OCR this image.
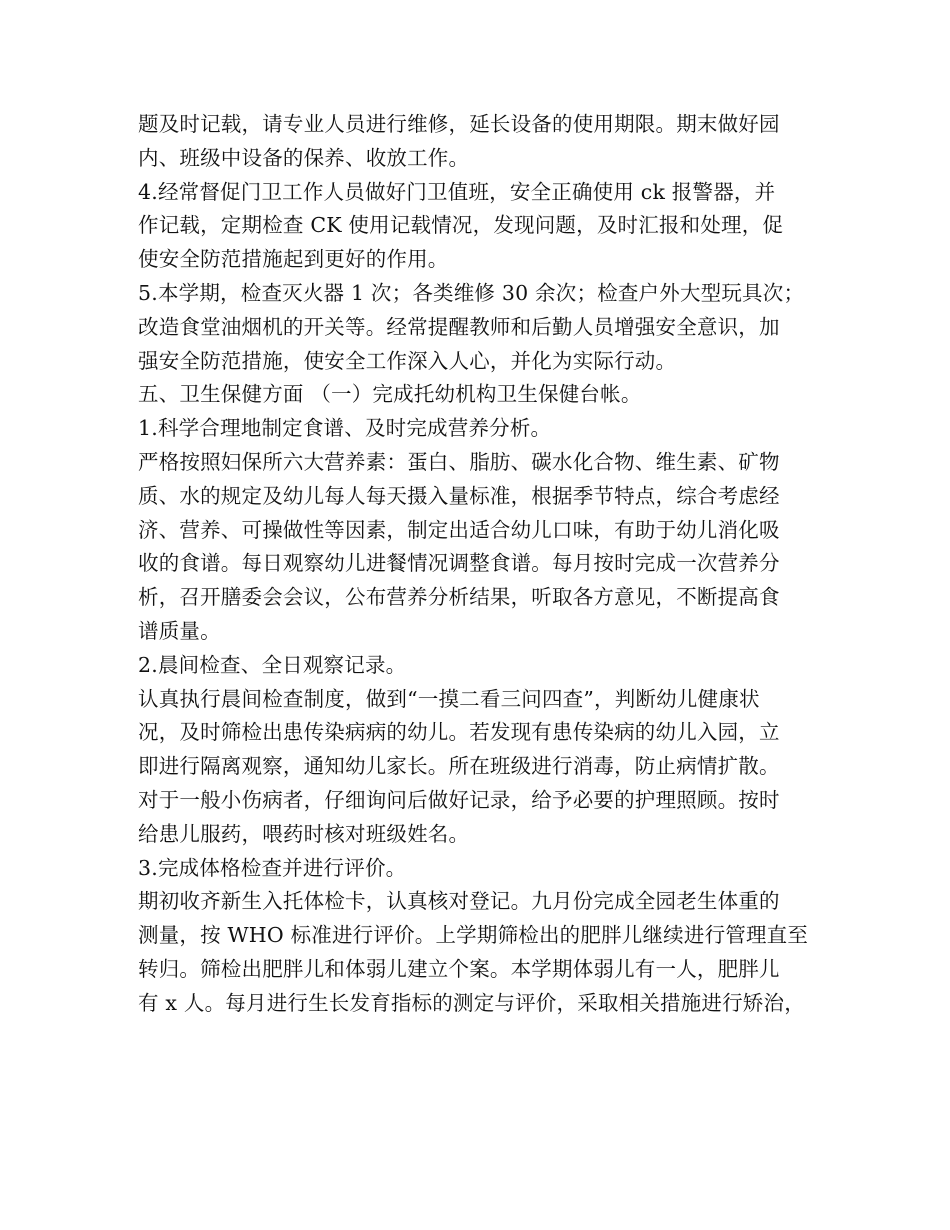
题及时记载，请专业人员进行维修，延长设备的使用期限。期末做好园
内、班级中设备的保养、收放工作。
4.经常督促门卫工作人员做好门卫值班，安全正确使用 ck 报警器，并
作记载，定期检查 CK 使用记载情况，发现问题，及时汇报和处理，促
使安全防范措施起到更好的作用。
5.本学期，检查灭火器 1 次；各类维修 30 余次；检查户外大型玩具次；
改造食堂油烟机的开关等。经常提醒教师和后勤人员增强安全意识，加
强安全防范措施，使安全工作深入人心，并化为实际行动。
五、卫生保健方面 （一）完成托幼机构卫生保健台帐。
1.科学合理地制定食谱、及时完成营养分析。
严格按照妇保所六大营养素：蛋白、脂肪、碳水化合物、维生素、矿物
质、水的规定及幼儿每人每天摄入量标准，根据季节特点，综合考虑经
济、营养、可操做性等因素，制定出适合幼儿口味，有助于幼儿消化吸
收的食谱。每日观察幼儿进餐情况调整食谱。每月按时完成一次营养分
析，召开膳委会会议，公布营养分析结果，听取各方意见，不断提高食
谱质量。
2.晨间检查、全日观察记录。
认真执行晨间检查制度，做到“一摸二看三问四查”，判断幼儿健康状
况，及时筛检出患传染病病的幼儿。若发现有患传染病的幼儿入园，立
即进行隔离观察，通知幼儿家长。所在班级进行消毒，防止病情扩散。
对于一般小伤病者，仔细询问后做好记录，给予必要的护理照顾。按时
给患儿服药，喂药时核对班级姓名。
3.完成体格检查并进行评价。
期初收齐新生入托体检卡，认真核对登记。九月份完成全园老生体重的
测量，按 WHO 标准进行评价。上学期筛检出的肥胖儿继续进行管理直至
转归。筛检出肥胖儿和体弱儿建立个案。本学期体弱儿有一人，肥胖儿
有 x 人。每月进行生长发育指标的测定与评价，采取相关措施进行矫治，
